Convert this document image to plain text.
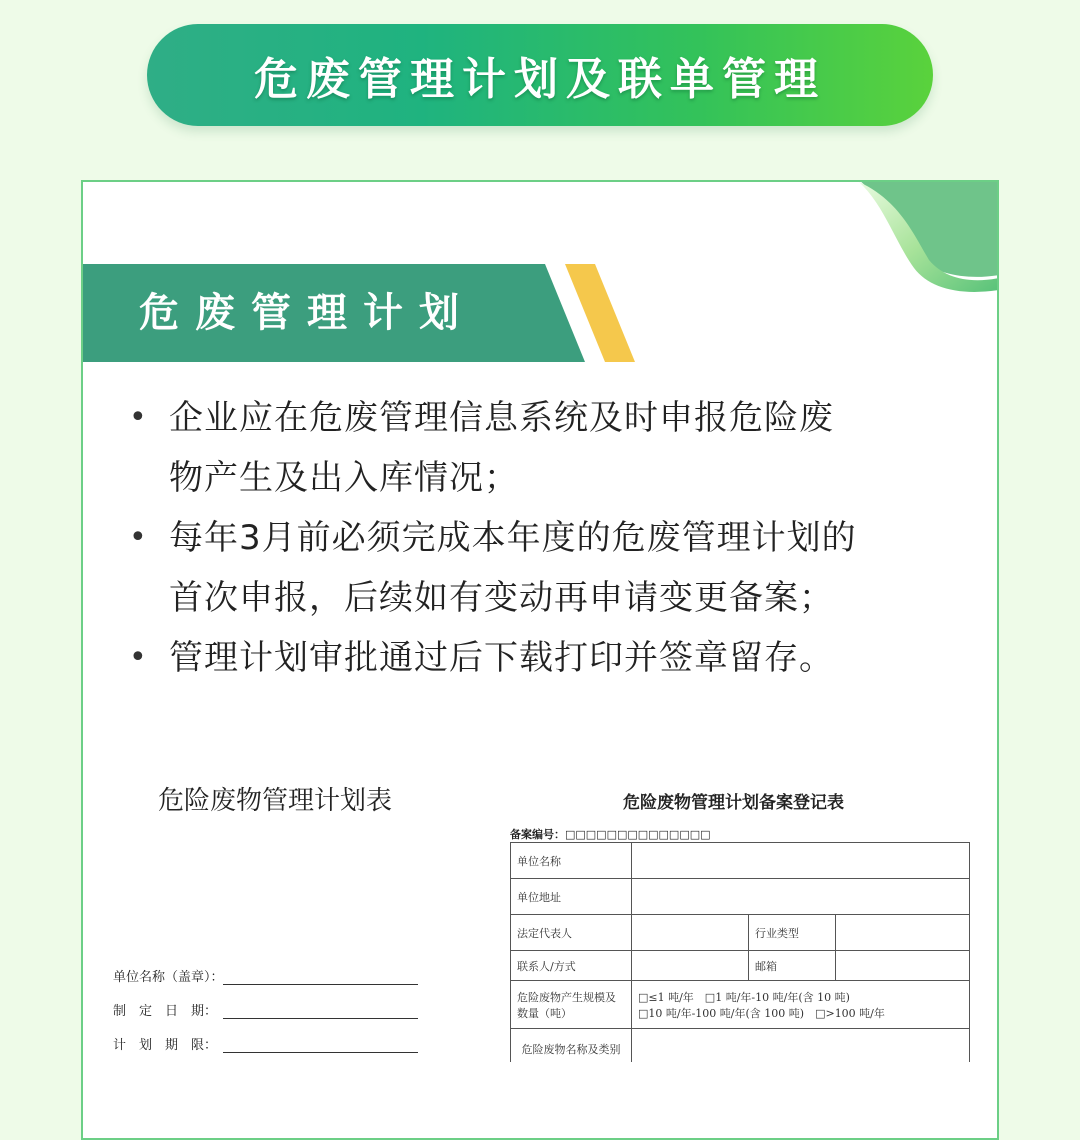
危废管理计划及联单管理
危废管理计划
• 企业应在危废管理信息系统及时申报危险废
物产生及出入库情况；
• 每年3月前必须完成本年度的危废管理计划的
首次申报，后续如有变动再申请变更备案；
• 管理计划审批通过后下载打印并签章留存。
危险废物管理计划表
单位名称（盖章）：
制　定　日　期：
计　划　期　限：
危险废物管理计划备案登记表
备案编号：□□□□□□□□□□□□□□
单位名称			
单位地址			
法定代表人		行业类型	
联系人/方式		邮箱	
危险废物产生规模及数量（吨）	□≤1 吨/年　□1 吨/年-10 吨/年(含 10 吨)
□10 吨/年-100 吨/年(含 100 吨)　□>100 吨/年		

危险废物名称及类别			
